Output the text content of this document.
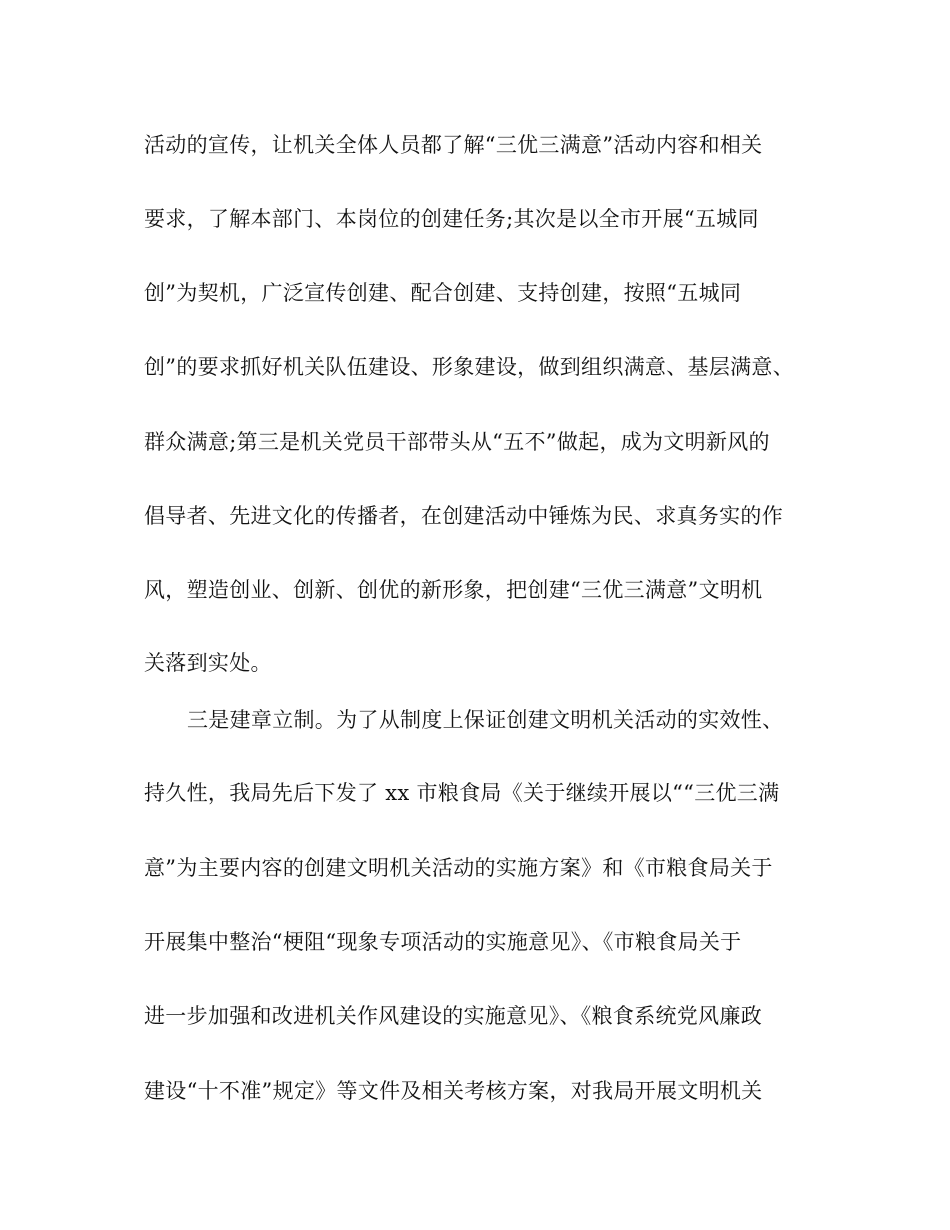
活动的宣传，让机关全体人员都了解“三优三满意”活动内容和相关
要求，了解本部门、本岗位的创建任务;其次是以全市开展“五城同
创”为契机，广泛宣传创建、配合创建、支持创建，按照“五城同
创”的要求抓好机关队伍建设、形象建设，做到组织满意、基层满意、
群众满意;第三是机关党员干部带头从“五不”做起，成为文明新风的
倡导者、先进文化的传播者，在创建活动中锤炼为民、求真务实的作
风，塑造创业、创新、创优的新形象，把创建“三优三满意”文明机
关落到实处。
三是建章立制。为了从制度上保证创建文明机关活动的实效性、
持久性，我局先后下发了 xx 市粮食局《关于继续开展以““三优三满
意”为主要内容的创建文明机关活动的实施方案》和《市粮食局关于
开展集中整治“梗阻“现象专项活动的实施意见》、《市粮食局关于
进一步加强和改进机关作风建设的实施意见》、《粮食系统党风廉政
建设“十不准”规定》等文件及相关考核方案，对我局开展文明机关
